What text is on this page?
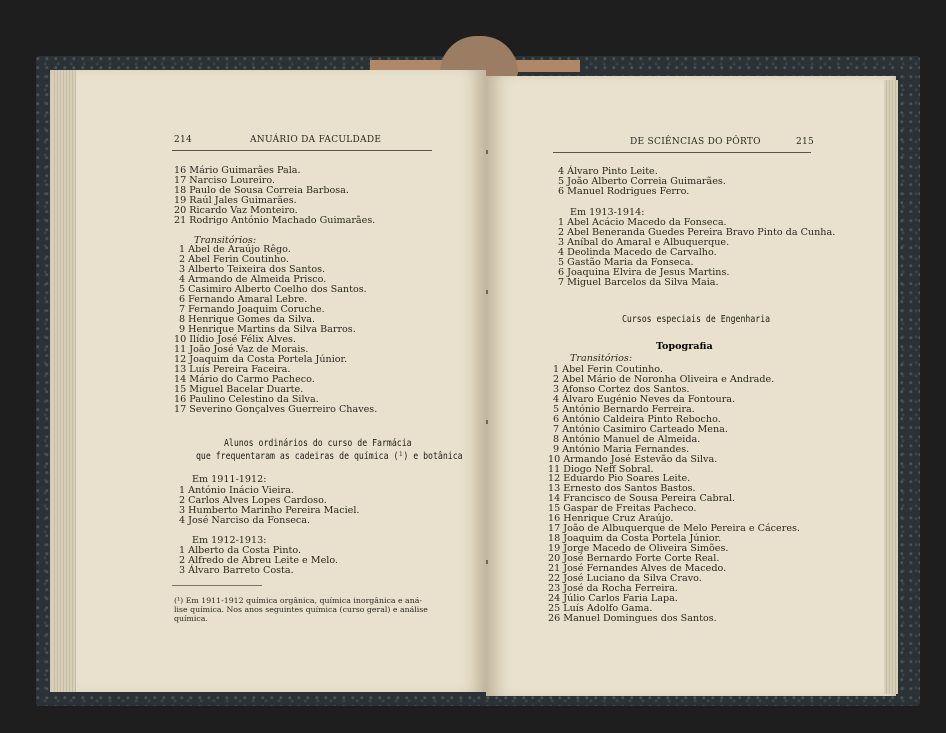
214	ANUÁRIO DA FACULDADE
16 Mário Guimarães Pala.
17 Narciso Loureiro.
18 Paulo de Sousa Correia Barbosa.
19 Raúl Jales Guimarães.
20 Ricardo Vaz Monteiro.
21 Rodrigo António Machado Guimarães.
Transitórios:
1 Abel de Araújo Rêgo.
2 Abel Ferin Coutinho.
3 Alberto Teixeira dos Santos.
4 Armando de Almeida Prisco.
5 Casimiro Alberto Coelho dos Santos.
6 Fernando Amaral Lebre.
7 Fernando Joaquim Coruche.
8 Henrique Gomes da Silva.
9 Henrique Martins da Silva Barros.
10 Ilídio José Félix Alves.
11 João José Vaz de Morais.
12 Joaquim da Costa Portela Júnior.
13 Luís Pereira Faceira.
14 Mário do Carmo Pacheco.
15 Miguel Bacelar Duarte.
16 Paulino Celestino da Silva.
17 Severino Gonçalves Guerreiro Chaves.
Alunos ordinários do curso de Farmácia
que frequentaram as cadeiras de química (¹) e botânica
Em 1911-1912:
1 António Inácio Vieira.
2 Carlos Alves Lopes Cardoso.
3 Humberto Marinho Pereira Maciel.
4 José Narciso da Fonseca.
Em 1912-1913:
1 Alberto da Costa Pinto.
2 Alfredo de Abreu Leite e Melo.
3 Álvaro Barreto Costa.
(¹) Em 1911-1912 química orgânica, química inorgânica e aná-
lise química. Nos anos seguintes química (curso geral) e análise
química.
DE SCIÊNCIAS DO PÔRTO	215
4 Álvaro Pinto Leite.
5 João Alberto Correia Guimarães.
6 Manuel Rodrigues Ferro.
Em 1913-1914:
1 Abel Acácio Macedo da Fonseca.
2 Abel Beneranda Guedes Pereira Bravo Pinto da Cunha.
3 Aníbal do Amaral e Albuquerque.
4 Deolinda Macedo de Carvalho.
5 Gastão Maria da Fonseca.
6 Joaquina Elvira de Jesus Martins.
7 Miguel Barcelos da Silva Maia.
Cursos especiais de Engenharia
Topografia
Transitórios:
1 Abel Ferin Coutinho.
2 Abel Mário de Noronha Oliveira e Andrade.
3 Afonso Cortez dos Santos.
4 Álvaro Eugénio Neves da Fontoura.
5 António Bernardo Ferreira.
6 António Caldeira Pinto Rebocho.
7 António Casimiro Carteado Mena.
8 António Manuel de Almeida.
9 António Maria Fernandes.
10 Armando José Estevão da Silva.
11 Diogo Neff Sobral.
12 Eduardo Pio Soares Leite.
13 Ernesto dos Santos Bastos.
14 Francisco de Sousa Pereira Cabral.
15 Gaspar de Freitas Pacheco.
16 Henrique Cruz Araújo.
17 João de Albuquerque de Melo Pereira e Cáceres.
18 Joaquim da Costa Portela Júnior.
19 Jorge Macedo de Oliveira Simões.
20 José Bernardo Forte Corte Real.
21 José Fernandes Alves de Macedo.
22 José Luciano da Silva Cravo.
23 José da Rocha Ferreira.
24 Júlio Carlos Faria Lapa.
25 Luís Adolfo Gama.
26 Manuel Domingues dos Santos.
